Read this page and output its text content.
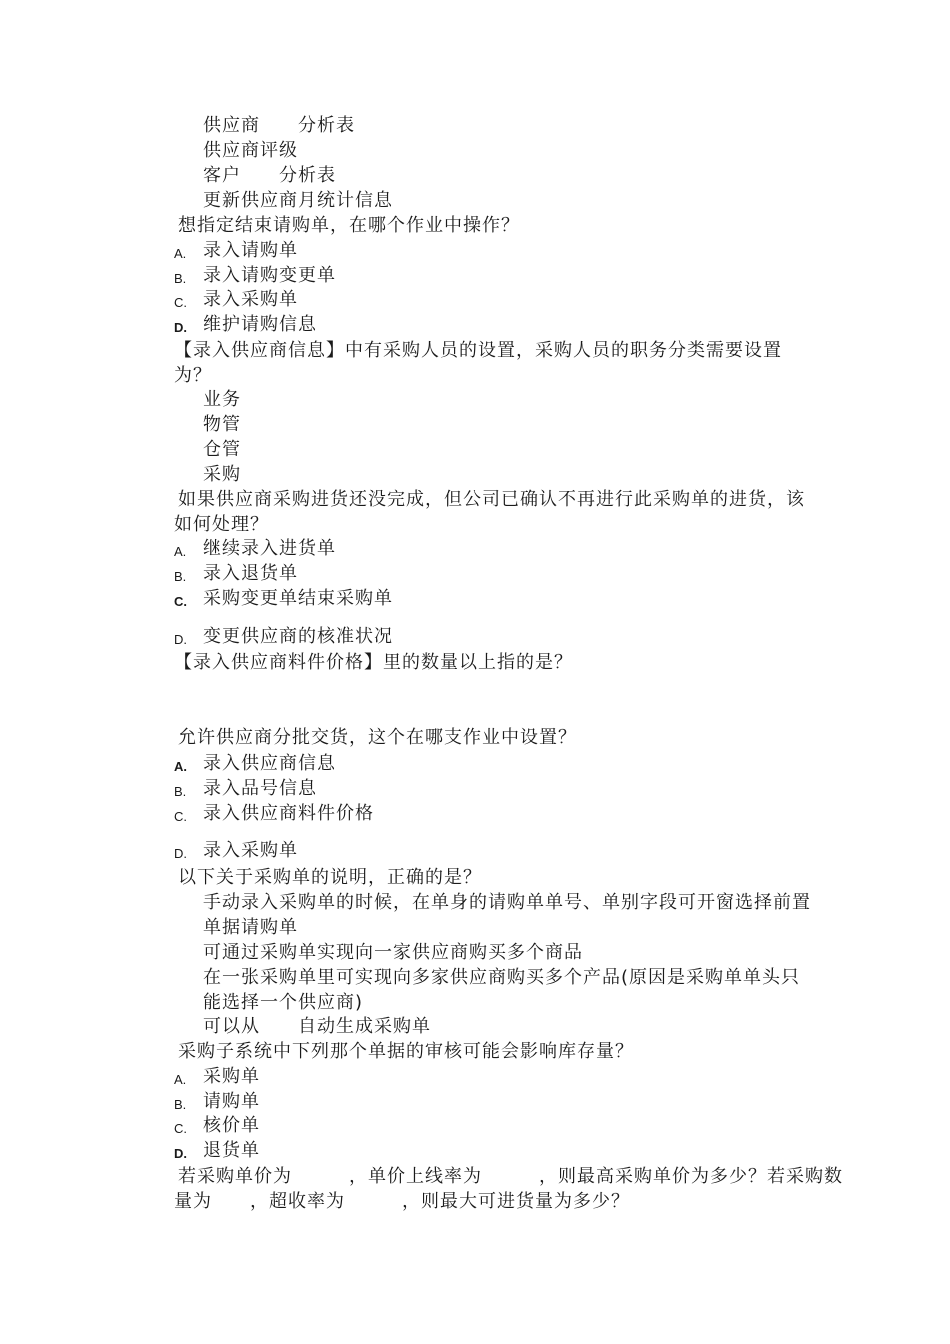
供应商　　分析表
供应商评级
客户　　分析表
更新供应商月统计信息
想指定结束请购单，在哪个作业中操作？
A. 录入请购单
B. 录入请购变更单
C. 录入采购单
D. 维护请购信息
【录入供应商信息】中有采购人员的设置，采购人员的职务分类需要设置
为？
业务
物管
仓管
采购
如果供应商采购进货还没完成，但公司已确认不再进行此采购单的进货，该
如何处理？
A. 继续录入进货单
B. 录入退货单
C. 采购变更单结束采购单
D. 变更供应商的核准状况
【录入供应商料件价格】里的数量以上指的是？
允许供应商分批交货，这个在哪支作业中设置？
A. 录入供应商信息
B. 录入品号信息
C. 录入供应商料件价格
D. 录入采购单
以下关于采购单的说明，正确的是？
手动录入采购单的时候，在单身的请购单单号、单别字段可开窗选择前置
单据请购单
可通过采购单实现向一家供应商购买多个商品
在一张采购单里可实现向多家供应商购买多个产品(原因是采购单单头只
能选择一个供应商)
可以从　　自动生成采购单
采购子系统中下列那个单据的审核可能会影响库存量？
A. 采购单
B. 请购单
C. 核价单
D. 退货单
若采购单价为　　　，单价上线率为　　　，则最高采购单价为多少？若采购数
量为　　，超收率为　　　，则最大可进货量为多少？
